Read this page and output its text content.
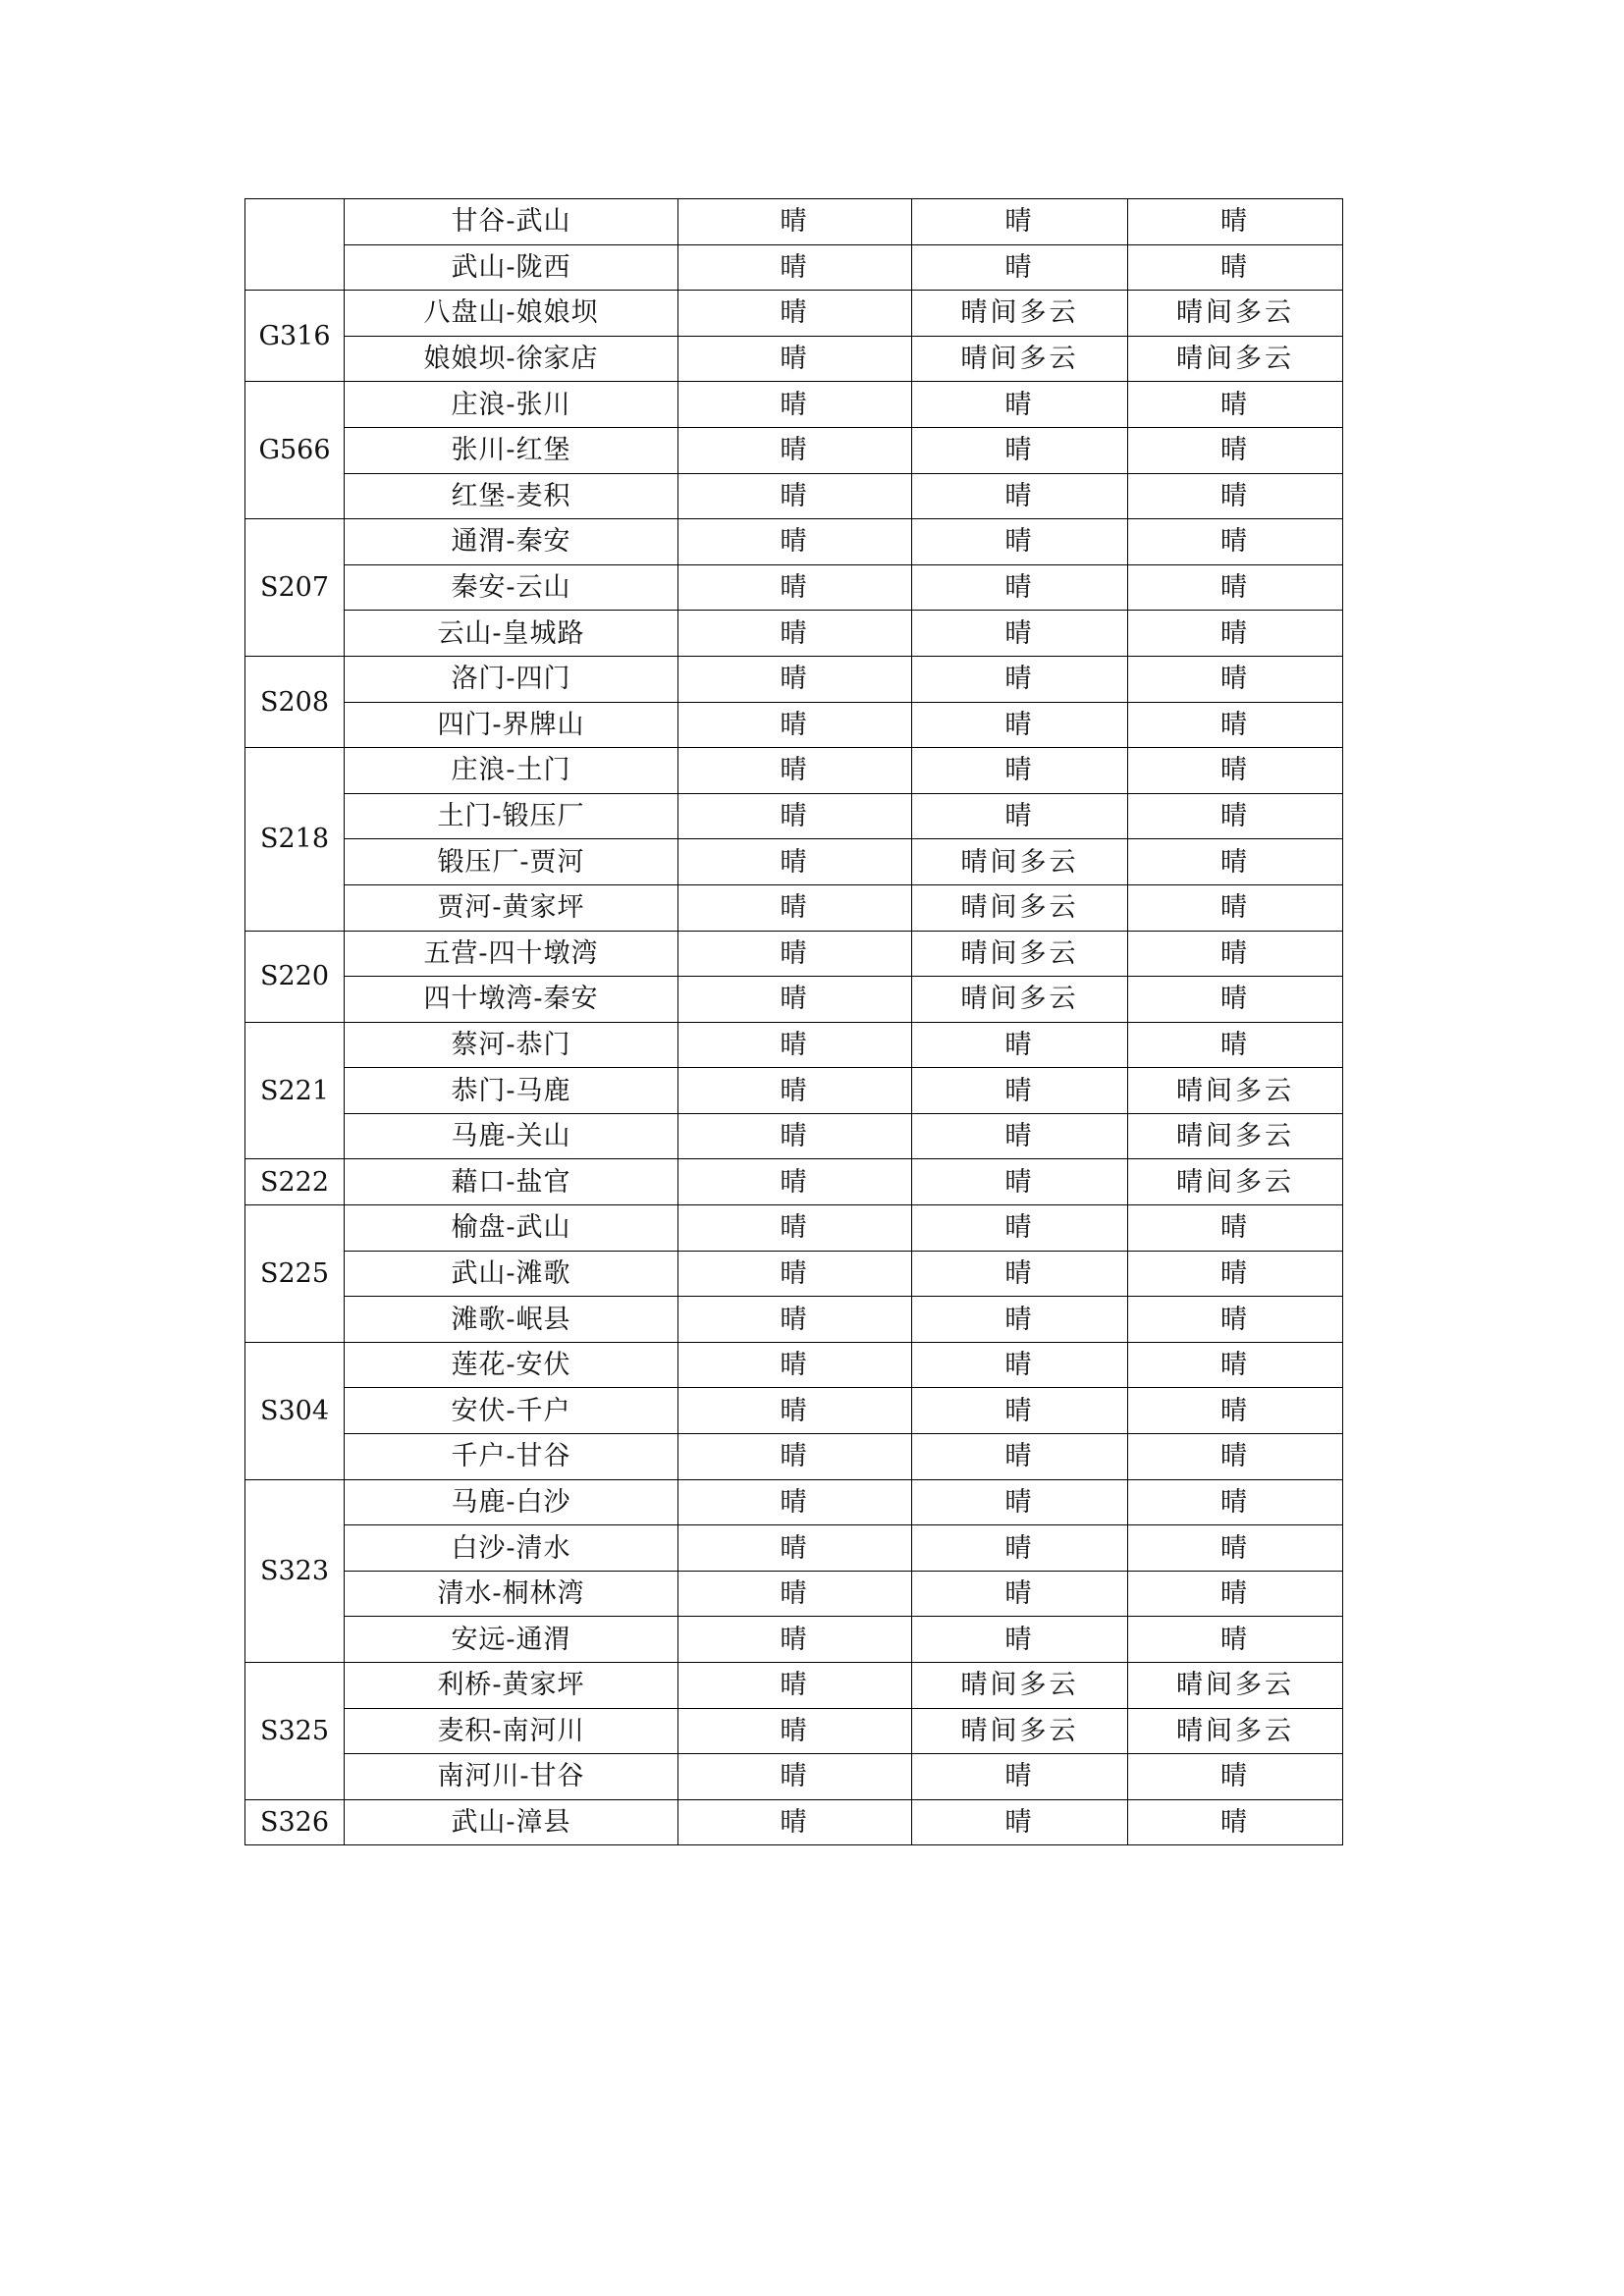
	甘谷-武山	晴	晴	晴
	武山-陇西	晴	晴	晴
G316	八盘山-娘娘坝	晴	晴间多云	晴间多云
	娘娘坝-徐家店	晴	晴间多云	晴间多云
G566	庄浪-张川	晴	晴	晴
	张川-红堡	晴	晴	晴
	红堡-麦积	晴	晴	晴
S207	通渭-秦安	晴	晴	晴
	秦安-云山	晴	晴	晴
	云山-皇城路	晴	晴	晴
S208	洛门-四门	晴	晴	晴
	四门-界牌山	晴	晴	晴
S218	庄浪-土门	晴	晴	晴
	土门-锻压厂	晴	晴	晴
	锻压厂-贾河	晴	晴间多云	晴
	贾河-黄家坪	晴	晴间多云	晴
S220	五营-四十墩湾	晴	晴间多云	晴
	四十墩湾-秦安	晴	晴间多云	晴
S221	蔡河-恭门	晴	晴	晴
	恭门-马鹿	晴	晴	晴间多云
	马鹿-关山	晴	晴	晴间多云
S222	藉口-盐官	晴	晴	晴间多云
S225	榆盘-武山	晴	晴	晴
	武山-滩歌	晴	晴	晴
	滩歌-岷县	晴	晴	晴
S304	莲花-安伏	晴	晴	晴
	安伏-千户	晴	晴	晴
	千户-甘谷	晴	晴	晴
S323	马鹿-白沙	晴	晴	晴
	白沙-清水	晴	晴	晴
	清水-桐林湾	晴	晴	晴
	安远-通渭	晴	晴	晴
S325	利桥-黄家坪	晴	晴间多云	晴间多云
	麦积-南河川	晴	晴间多云	晴间多云
	南河川-甘谷	晴	晴	晴
S326	武山-漳县	晴	晴	晴
